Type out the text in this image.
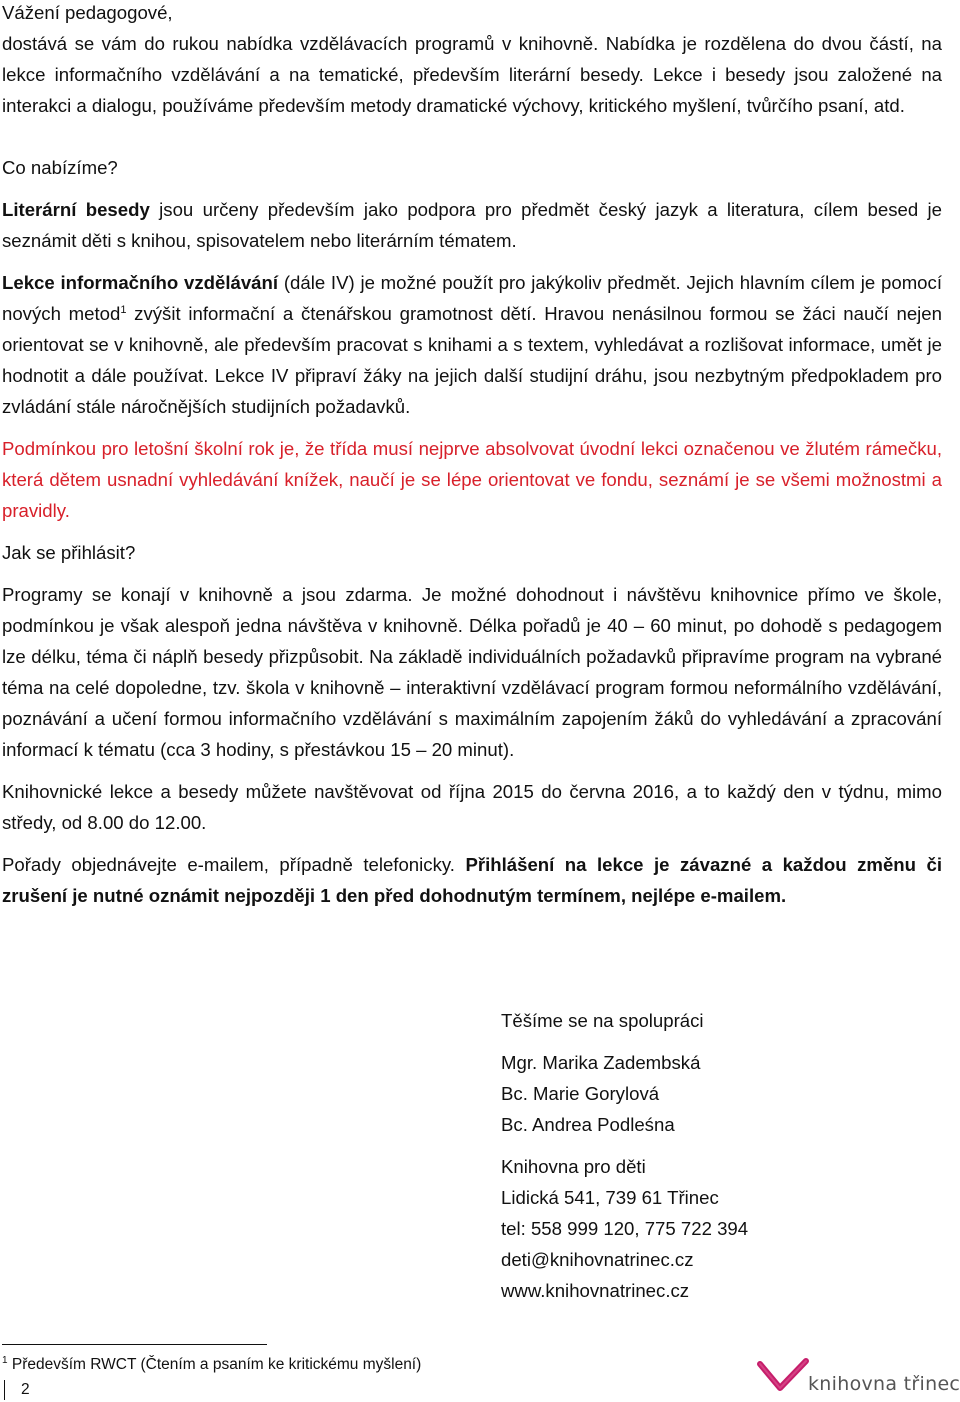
Vážení pedagogové,

dostává se vám do rukou nabídka vzdělávacích programů v knihovně. Nabídka je rozdělena do dvou částí, na lekce informačního vzdělávání a na tematické, především literární besedy. Lekce i besedy jsou založené na interakci a dialogu, používáme především metody dramatické výchovy, kritického myšlení, tvůrčího psaní, atd.

Co nabízíme?

Literární besedy jsou určeny především jako podpora pro předmět český jazyk a literatura, cílem besed je seznámit děti s knihou, spisovatelem nebo literárním tématem.

Lekce informačního vzdělávání (dále IV) je možné použít pro jakýkoliv předmět. Jejich hlavním cílem je pomocí nových metod$^1$ zvýšit informační a čtenářskou gramotnost dětí. Hravou nenásilnou formou se žáci naučí nejen orientovat se v knihovně, ale především pracovat s knihami a s textem, vyhledávat a rozlišovat informace, umět je hodnotit a dále používat. Lekce IV připraví žáky na jejich další studijní dráhu, jsou nezbytným předpokladem pro zvládání stále náročnějších studijních požadavků.

Podmínkou pro letošní školní rok je, že třída musí nejprve absolvovat úvodní lekci označenou ve žlutém rámečku, která dětem usnadní vyhledávání knížek, naučí je se lépe orientovat ve fondu, seznámí je se všemi možnostmi a pravidly.

Jak se přihlásit?

Programy se konají v knihovně a jsou zdarma. Je možné dohodnout i návštěvu knihovnice přímo ve škole, podmínkou je však alespoň jedna návštěva v knihovně. Délka pořadů je 40 – 60 minut, po dohodě s pedagogem lze délku, téma či náplň besedy přizpůsobit. Na základě individuálních požadavků připravíme program na vybrané téma na celé dopoledne, tzv. škola v knihovně – interaktivní vzdělávací program formou neformálního vzdělávání, poznávání a učení formou informačního vzdělávání s maximálním zapojením žáků do vyhledávání a zpracování informací k tématu (cca 3 hodiny, s přestávkou 15 – 20 minut).

Knihovnické lekce a besedy můžete navštěvovat od října 2015 do června 2016, a to každý den v týdnu, mimo středy, od 8.00 do 12.00.

Pořady objednávejte e-mailem, případně telefonicky. Přihlášení na lekce je závazné a každou změnu či zrušení je nutné oznámit nejpozději 1 den před dohodnutým termínem, nejlépe e-mailem.

Těšíme se na spolupráci
Mgr. Marika Zadembská
Bc. Marie Gorylová
Bc. Andrea Podleśna
Knihovna pro děti
Lidická 541, 739 61 Třinec
tel: 558 999 120, 775 722 394
deti@knihovnatrinec.cz
www.knihovnatrinec.cz
$^1$ Především RWCT (Čtením a psaním ke kritickému myšlení)
2	knihovna třinec
